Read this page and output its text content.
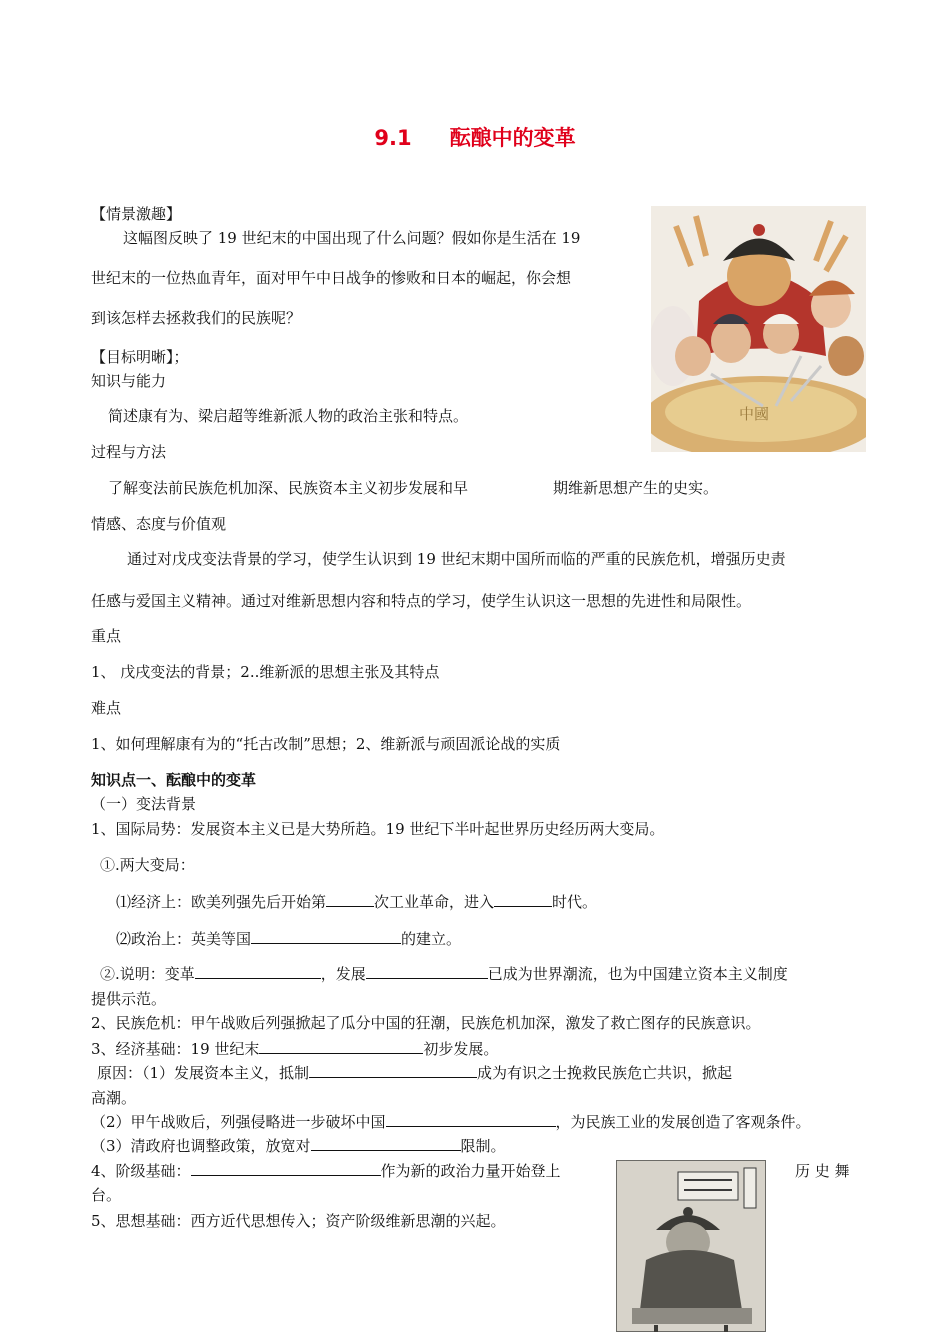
9.1 酝酿中的变革
中國
【情景激趣】
这幅图反映了 19 世纪末的中国出现了什么问题？假如你是生活在 19
世纪末的一位热血青年，面对甲午中日战争的惨败和日本的崛起，你会想
到该怎样去拯救我们的民族呢？
【目标明晰】；
知识与能力
简述康有为、梁启超等维新派人物的政治主张和特点。
过程与方法
了解变法前民族危机加深、民族资本主义初步发展和早	期维新思想产生的史实。
情感、态度与价值观
通过对戊戌变法背景的学习，使学生认识到 19 世纪末期中国所而临的严重的民族危机，增强历史责
任感与爱国主义精神。通过对维新思想内容和特点的学习，使学生认识这一思想的先进性和局限性。
重点
1、 戊戌变法的背景；2..维新派的思想主张及其特点
难点
1、如何理解康有为的“托古改制”思想；2、维新派与顽固派论战的实质
知识点一、酝酿中的变革
（一）变法背景
1、国际局势：发展资本主义已是大势所趋。19 世纪下半叶起世界历史经历两大变局。
①.两大变局：
⑴经济上：欧美列强先后开始第	次工业革命，进入	时代。
⑵政治上：英美等国	的建立。
②.说明：变革	，发展	已成为世界潮流，也为中国建立资本主义制度
提供示范。
2、民族危机：甲午战败后列强掀起了瓜分中国的狂潮，民族危机加深，激发了救亡图存的民族意识。
3、经济基础：19 世纪末	初步发展。
原因：（1）发展资本主义，抵制	成为有识之士挽救民族危亡共识，掀起
高潮。
（2）甲午战败后，列强侵略进一步破坏中国	，为民族工业的发展创造了客观条件。
（3）清政府也调整政策，放宽对	限制。
4、阶级基础：	作为新的政治力量开始登上	历 史 舞
台。
5、思想基础：西方近代思想传入；资产阶级维新思潮的兴起。
